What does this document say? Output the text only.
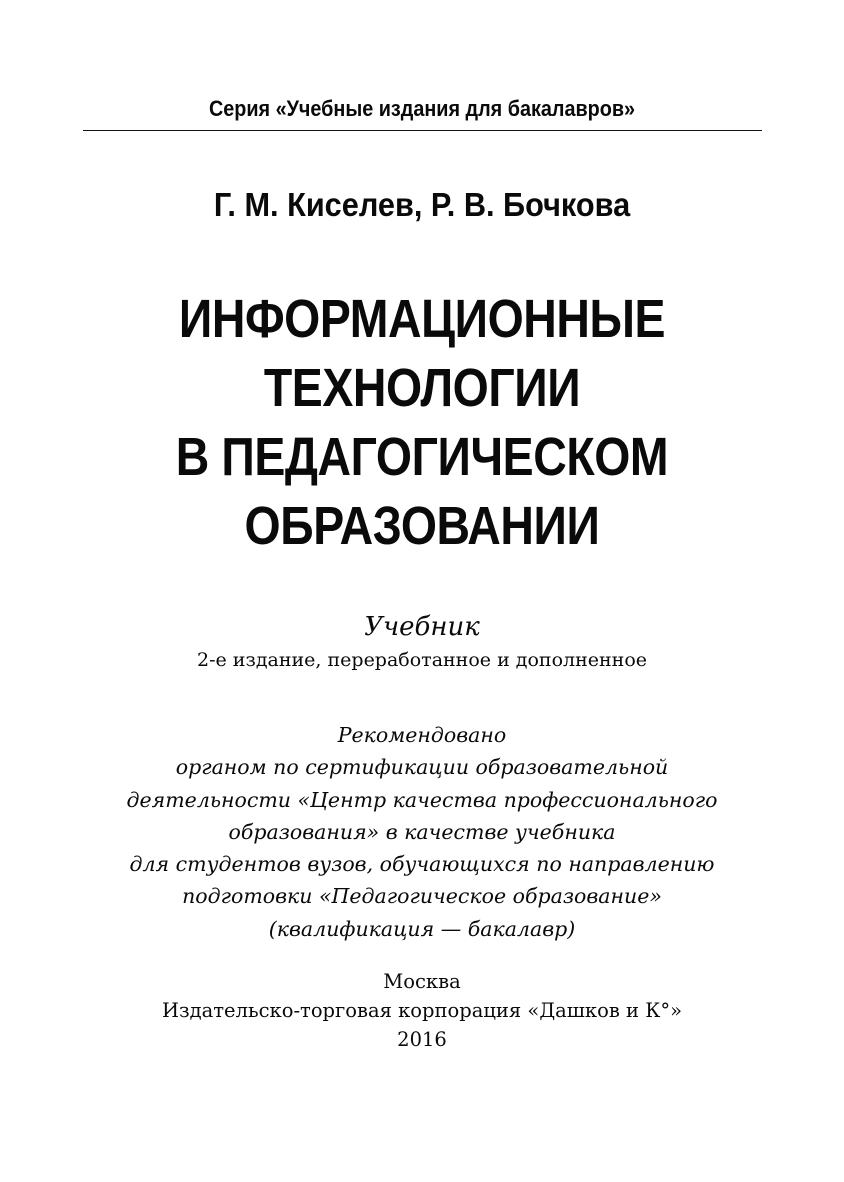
Серия «Учебные издания для бакалавров»
Г. М. Киселев, Р. В. Бочкова
ИНФОРМАЦИОННЫЕ
ТЕХНОЛОГИИ
В ПЕДАГОГИЧЕСКОМ
ОБРАЗОВАНИИ
Учебник
2-е издание, переработанное и дополненное
Рекомендовано
органом по сертификации образовательной
деятельности «Центр качества профессионального
образования» в качестве учебника
для студентов вузов, обучающихся по направлению
подготовки «Педагогическое образование»
(квалификация — бакалавр)
Москва
Издательско-торговая корпорация «Дашков и К°»
2016
